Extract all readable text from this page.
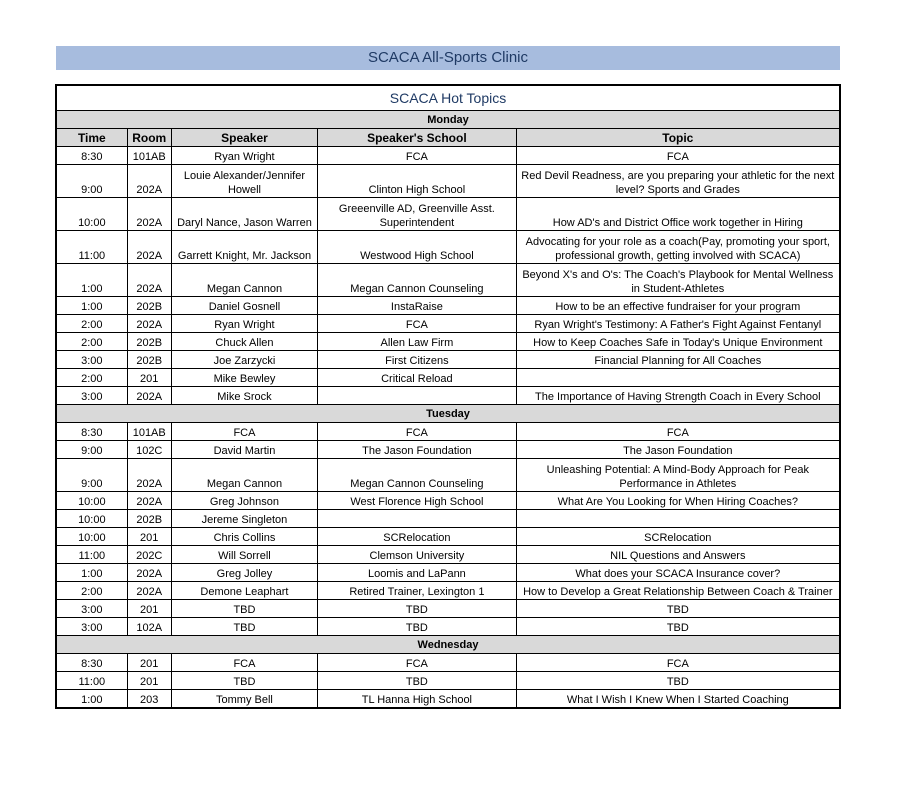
SCACA All-Sports Clinic
SCACA Hot Topics				
Monday				
Time	Room	Speaker	Speaker's School	Topic
8:30	101AB	Ryan Wright	FCA	FCA
9:00	202A	Louie Alexander/Jennifer Howell	Clinton High School	Red Devil Readness, are you preparing your athletic for the next level? Sports and Grades
10:00	202A	Daryl Nance, Jason Warren	Greeenville AD, Greenville Asst. Superintendent	How AD's and District Office work together in Hiring
11:00	202A	Garrett Knight, Mr. Jackson	Westwood High School	Advocating for your role as a coach(Pay, promoting your sport, professional growth, getting involved with SCACA)
1:00	202A	Megan Cannon	Megan Cannon Counseling	Beyond X's and O's: The Coach's Playbook for Mental Wellness in Student-Athletes
1:00	202B	Daniel Gosnell	InstaRaise	How to be an effective fundraiser for your program
2:00	202A	Ryan Wright	FCA	Ryan Wright's Testimony: A Father's Fight Against Fentanyl
2:00	202B	Chuck Allen	Allen Law Firm	How to Keep Coaches Safe in Today's Unique Environment
3:00	202B	Joe Zarzycki	First Citizens	Financial Planning for All Coaches
2:00	201	Mike Bewley	Critical Reload	
3:00	202A	Mike Srock		The Importance of Having Strength Coach in Every School
Tuesday				
8:30	101AB	FCA	FCA	FCA
9:00	102C	David Martin	The Jason Foundation	The Jason Foundation
9:00	202A	Megan Cannon	Megan Cannon Counseling	Unleashing Potential: A Mind-Body Approach for Peak Performance in Athletes
10:00	202A	Greg Johnson	West Florence High School	What Are You Looking for When Hiring Coaches?
10:00	202B	Jereme Singleton		
10:00	201	Chris Collins	SCRelocation	SCRelocation
11:00	202C	Will Sorrell	Clemson University	NIL Questions and Answers
1:00	202A	Greg Jolley	Loomis and LaPann	What does your SCACA Insurance cover?
2:00	202A	Demone Leaphart	Retired Trainer, Lexington 1	How to Develop a Great Relationship Between Coach & Trainer
3:00	201	TBD	TBD	TBD
3:00	102A	TBD	TBD	TBD
Wednesday				
8:30	201	FCA	FCA	FCA
11:00	201	TBD	TBD	TBD
1:00	203	Tommy Bell	TL Hanna High School	What I Wish I Knew When I Started Coaching
